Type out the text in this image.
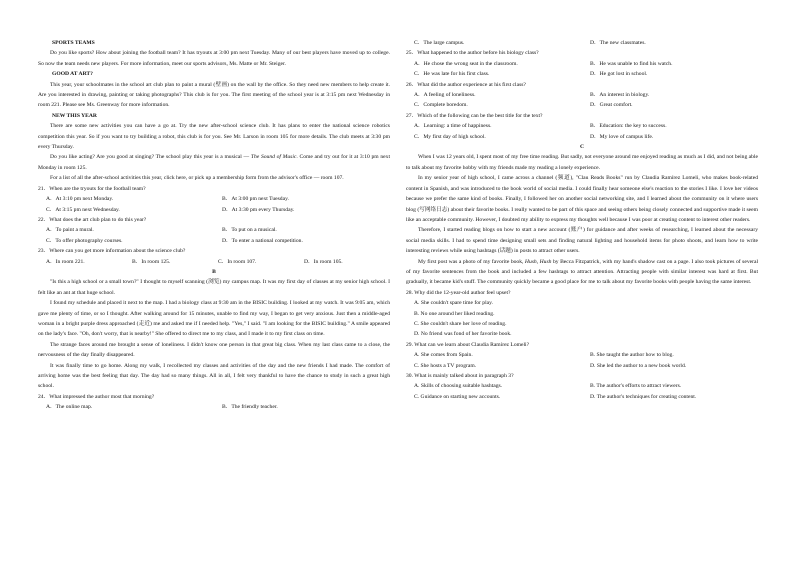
SPORTS TEAMS

Do you like sports? How about joining the football team? It has tryouts at 3:00 pm next Tuesday. Many of our best players have moved up to college. So now the team needs new players. For more information, meet our sports advisors, Ms. Matte or Mr. Steiger.

GOOD AT ART?

This year, your schoolmates in the school art club plan to paint a mural (壁画) on the wall by the office. So they need new members to help create it. Are you interested in drawing, painting or taking photographs? This club is for you. The first meeting of the school year is at 3:15 pm next Wednesday in room 221. Please see Ms. Greenway for more information.

NEW THIS YEAR

There are some new activities you can have a go at. Try the new after-school science club. It has plans to enter the national science robotics competition this year. So if you want to try building a robot, this club is for you. See Mr. Larson in room 105 for more details. The club meets at 3:30 pm every Thursday.

Do you like acting? Are you good at singing? The school play this year is a musical — The Sound of Music. Come and try out for it at 3:10 pm next Monday in room 125.

For a list of all the after-school activities this year, click here, or pick up a membership form from the advisor's office — room 107.

21．When are the tryouts for the football team?

A．At 3:10 pm next Monday.	B．At 3:00 pm next Tuesday.
C．At 3:15 pm next Wednesday.	D．At 3:30 pm every Thursday.

22．What does the art club plan to do this year?

A．To paint a mural.	B．To put on a musical.
C．To offer photography courses.	D．To enter a national competition.

23．Where can you get more information about the science club?

A．In room 221.	B．In room 125.	C．In room 107.	D．In room 105.

B

"Is this a high school or a small town?" I thought to myself scanning (浏览) my campus map. It was my first day of classes at my senior high school. I felt like an ant at that huge school.

I found my schedule and placed it next to the map. I had a biology class at 9:30 am in the BISIC building. I looked at my watch. It was 9:05 am, which gave me plenty of time, or so I thought. After walking around for 15 minutes, unable to find my way, I began to get very anxious. Just then a middle-aged woman in a bright purple dress approached (走近) me and asked me if I needed help. "Yes," I said. "I am looking for the BISIC building." A smile appeared on the lady's face. "Oh, don't worry, that is nearby!" She offered to direct me to my class, and I made it to my first class on time.

The strange faces around me brought a sense of loneliness. I didn't know one person in that great big class. When my last class came to a close, the nervousness of the day finally disappeared.

It was finally time to go home. Along my walk, I recollected my classes and activities of the day and the new friends I had made. The comfort of arriving home was the best feeling that day. The day had so many things. All in all, I felt very thankful to have the chance to study in such a great high school.

24．What impressed the author most that morning?

A．The online map.	B．The friendly teacher.
C．The large campus.	D．The new classmates.

25．What happened to the author before his biology class?

A．He chose the wrong seat in the classroom.	B．He was unable to find his watch.
C．He was late for his first class.	D．He got lost in school.

26．What did the author experience at his first class?

A．A feeling of loneliness.	B．An interest in biology.
C．Complete boredom.	D．Great comfort.

27．Which of the following can be the best title for the text?

A．Learning: a time of happiness.	B．Education: the key to success.
C．My first day of high school.	D．My love of campus life.

C

When I was 12 years old, I spent most of my free time reading. But sadly, not everyone around me enjoyed reading as much as I did, and not being able to talk about my favorite hobby with my friends made my reading a lonely experience.

In my senior year of high school, I came across a channel (频道), "Clau Reads Books" run by Claudia Ramírez Lomeli, who makes book-related content in Spanish, and was introduced to the book world of social media. I could finally hear someone else's reaction to the stories I like. I love her videos because we prefer the same kind of books. Finally, I followed her on another social networking site, and I learned about the community on it where users blog (写网络日志) about their favorite books. I really wanted to be part of this space and seeing others being closely connected and supportive made it seem like an acceptable community. However, I doubted my ability to express my thoughts well because I was poor at creating content to interest other readers.

Therefore, I started reading blogs on how to start a new account (账户) for guidance and after weeks of researching, I learned about the necessary social media skills. I had to spend time designing small sets and finding natural lighting and household items for photo shoots, and learn how to write interesting reviews while using hashtags (话题) in posts to attract other users.

My first post was a photo of my favorite book, Hush, Hush by Becca Fitzpatrick, with my hand's shadow cast on a page. I also took pictures of several of my favorite sentences from the book and included a few hashtags to attract attention. Attracting people with similar interest was hard at first. But gradually, it became kid's stuff. The community quickly became a good place for me to talk about my favorite books with people having the same interest.

28. Why did the 12-year-old author feel upset?

A. She couldn't spare time for play.
B. No one around her liked reading.
C. She couldn't share her love of reading.
D. No friend was fond of her favorite book.

29. What can we learn about Claudia Ramírez Lomeli?

A. She comes from Spain.	B. She taught the author how to blog.
C. She hosts a TV program.	D. She led the author to a new book world.

30. What is mainly talked about in paragraph 3?

A. Skills of choosing suitable hashtags.	B. The author's efforts to attract viewers.
C. Guidance on starting new accounts.	D. The author's techniques for creating content.
